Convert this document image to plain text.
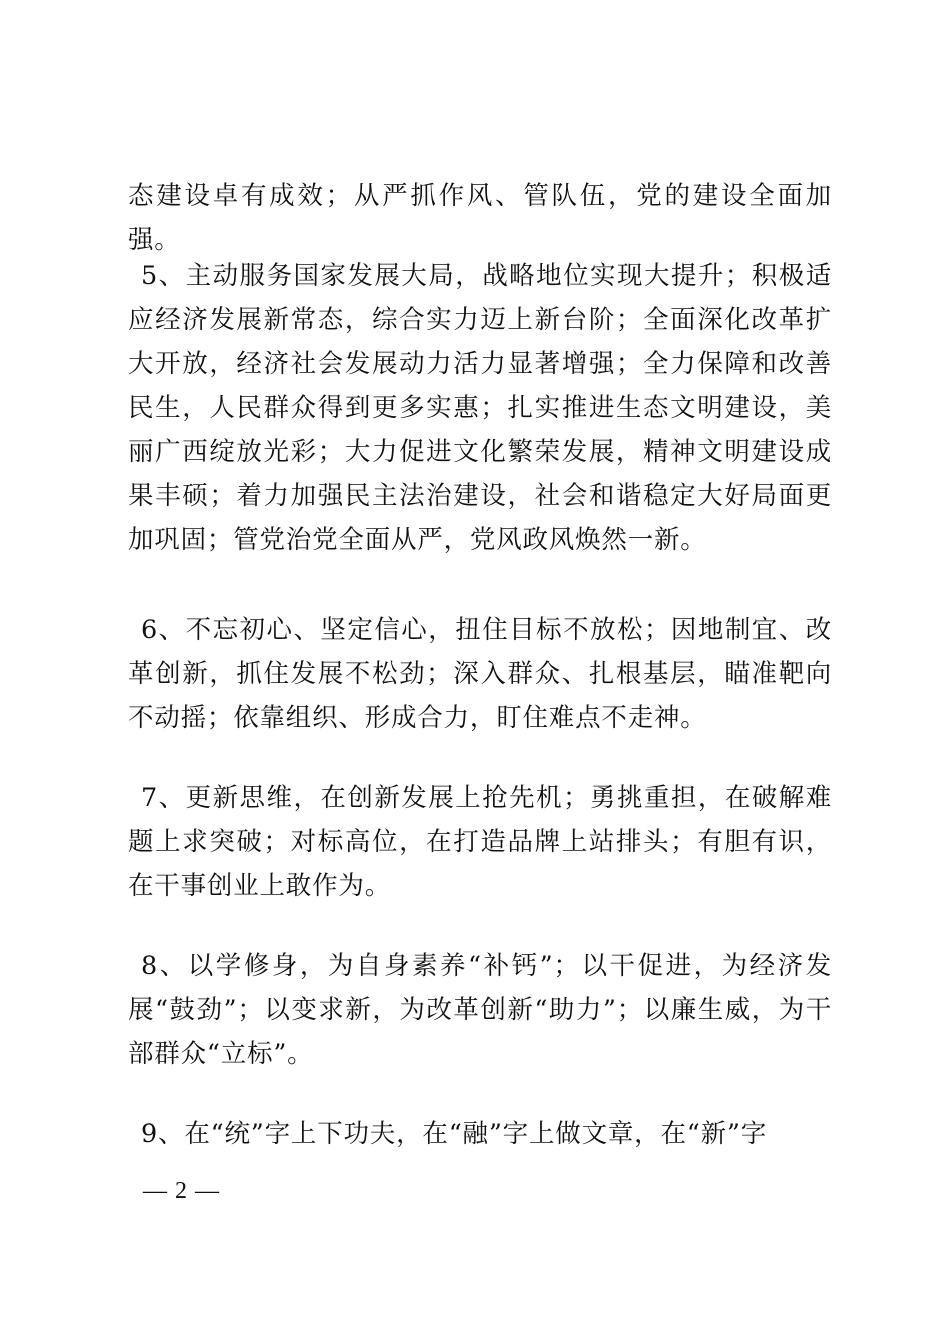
态建设卓有成效；从严抓作风、管队伍，党的建设全面加强。

5、主动服务国家发展大局，战略地位实现大提升；积极适应经济发展新常态，综合实力迈上新台阶；全面深化改革扩大开放，经济社会发展动力活力显著增强；全力保障和改善民生，人民群众得到更多实惠；扎实推进生态文明建设，美丽广西绽放光彩；大力促进文化繁荣发展，精神文明建设成果丰硕；着力加强民主法治建设，社会和谐稳定大好局面更加巩固；管党治党全面从严，党风政风焕然一新。

6、不忘初心、坚定信心，扭住目标不放松；因地制宜、改革创新，抓住发展不松劲；深入群众、扎根基层，瞄准靶向不动摇；依靠组织、形成合力，盯住难点不走神。

7、更新思维，在创新发展上抢先机；勇挑重担，在破解难题上求突破；对标高位，在打造品牌上站排头；有胆有识，在干事创业上敢作为。

8、以学修身，为自身素养“补钙”；以干促进，为经济发展“鼓劲”；以变求新，为改革创新“助力”；以廉生威，为干部群众“立标”。

9、在“统”字上下功夫，在“融”字上做文章，在“新”字

— 2 —
